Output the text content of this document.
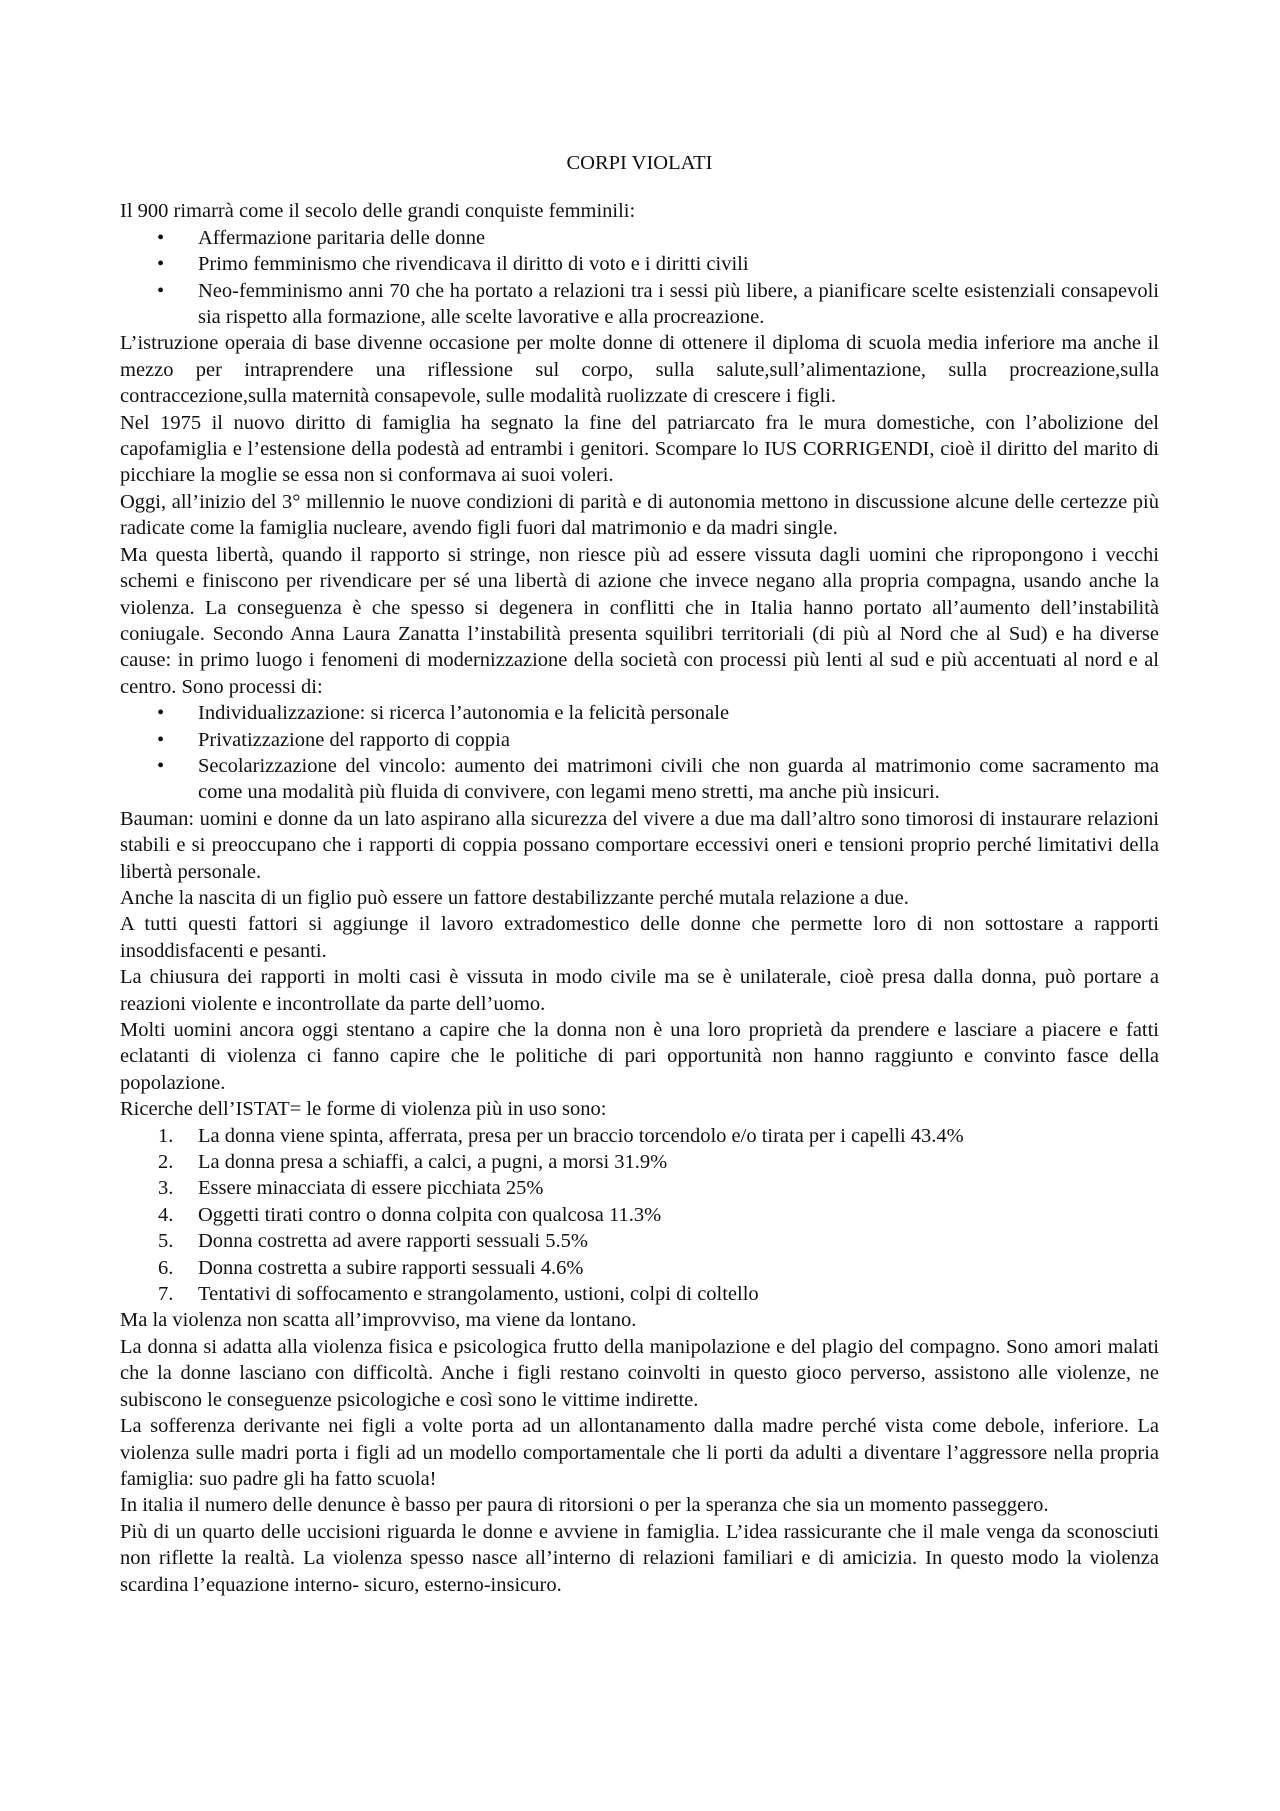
CORPI VIOLATI

Il 900 rimarrà come il secolo delle grandi conquiste femminili:

• Affermazione paritaria delle donne
• Primo femminismo che rivendicava il diritto di voto e i diritti civili
• Neo-femminismo anni 70 che ha portato a relazioni tra i sessi più libere, a pianificare scelte esistenziali consapevoli sia rispetto alla formazione, alle scelte lavorative e alla procreazione.

L’istruzione operaia di base divenne occasione per molte donne di ottenere il diploma di scuola media inferiore ma anche il mezzo per intraprendere una riflessione sul corpo, sulla salute,sull’alimentazione, sulla procreazione,sulla contraccezione,sulla maternità consapevole, sulle modalità ruolizzate di crescere i figli.

Nel 1975 il nuovo diritto di famiglia ha segnato la fine del patriarcato fra le mura domestiche, con l’abolizione del capofamiglia e l’estensione della podestà ad entrambi i genitori. Scompare lo IUS CORRIGENDI, cioè il diritto del marito di picchiare la moglie se essa non si conformava ai suoi voleri.

Oggi, all’inizio del 3° millennio le nuove condizioni di parità e di autonomia mettono in discussione alcune delle certezze più radicate come la famiglia nucleare, avendo figli fuori dal matrimonio e da madri single.

Ma questa libertà, quando il rapporto si stringe, non riesce più ad essere vissuta dagli uomini che ripropongono i vecchi schemi e finiscono per rivendicare per sé una libertà di azione che invece negano alla propria compagna, usando anche la violenza. La conseguenza è che spesso si degenera in conflitti che in Italia hanno portato all’aumento dell’instabilità coniugale. Secondo Anna Laura Zanatta l’instabilità presenta squilibri territoriali (di più al Nord che al Sud) e ha diverse cause: in primo luogo i fenomeni di modernizzazione della società con processi più lenti al sud e più accentuati al nord e al centro. Sono processi di:

• Individualizzazione: si ricerca l’autonomia e la felicità personale
• Privatizzazione del rapporto di coppia
• Secolarizzazione del vincolo: aumento dei matrimoni civili che non guarda al matrimonio come sacramento ma come una modalità più fluida di convivere, con legami meno stretti, ma anche più insicuri.

Bauman: uomini e donne da un lato aspirano alla sicurezza del vivere a due ma dall’altro sono timorosi di instaurare relazioni stabili e si preoccupano che i rapporti di coppia possano comportare eccessivi oneri e tensioni proprio perché limitativi della libertà personale.

Anche la nascita di un figlio può essere un fattore destabilizzante perché mutala relazione a due.

A tutti questi fattori si aggiunge il lavoro extradomestico delle donne che permette loro di non sottostare a rapporti insoddisfacenti e pesanti.

La chiusura dei rapporti in molti casi è vissuta in modo civile ma se è unilaterale, cioè presa dalla donna, può portare a reazioni violente e incontrollate da parte dell’uomo.

Molti uomini ancora oggi stentano a capire che la donna non è una loro proprietà da prendere e lasciare a piacere e fatti eclatanti di violenza ci fanno capire che le politiche di pari opportunità non hanno raggiunto e convinto fasce della popolazione.

Ricerche dell’ISTAT= le forme di violenza più in uso sono:

1. La donna viene spinta, afferrata, presa per un braccio torcendolo e/o tirata per i capelli 43.4%
2. La donna presa a schiaffi, a calci, a pugni, a morsi 31.9%
3. Essere minacciata di essere picchiata 25%
4. Oggetti tirati contro o donna colpita con qualcosa 11.3%
5. Donna costretta ad avere rapporti sessuali 5.5%
6. Donna costretta a subire rapporti sessuali 4.6%
7. Tentativi di soffocamento e strangolamento, ustioni, colpi di coltello

Ma la violenza non scatta all’improvviso, ma viene da lontano.

La donna si adatta alla violenza fisica e psicologica frutto della manipolazione e del plagio del compagno. Sono amori malati che la donne lasciano con difficoltà. Anche i figli restano coinvolti in questo gioco perverso, assistono alle violenze, ne subiscono le conseguenze psicologiche e così sono le vittime indirette.

La sofferenza derivante nei figli a volte porta ad un allontanamento dalla madre perché vista come debole, inferiore. La violenza sulle madri porta i figli ad un modello comportamentale che li porti da adulti a diventare l’aggressore nella propria famiglia: suo padre gli ha fatto scuola!

In italia il numero delle denunce è basso per paura di ritorsioni o per la speranza che sia un momento passeggero.

Più di un quarto delle uccisioni riguarda le donne e avviene in famiglia. L’idea rassicurante che il male venga da sconosciuti non riflette la realtà. La violenza spesso nasce all’interno di relazioni familiari e di amicizia. In questo modo la violenza scardina l’equazione interno- sicuro, esterno-insicuro.
